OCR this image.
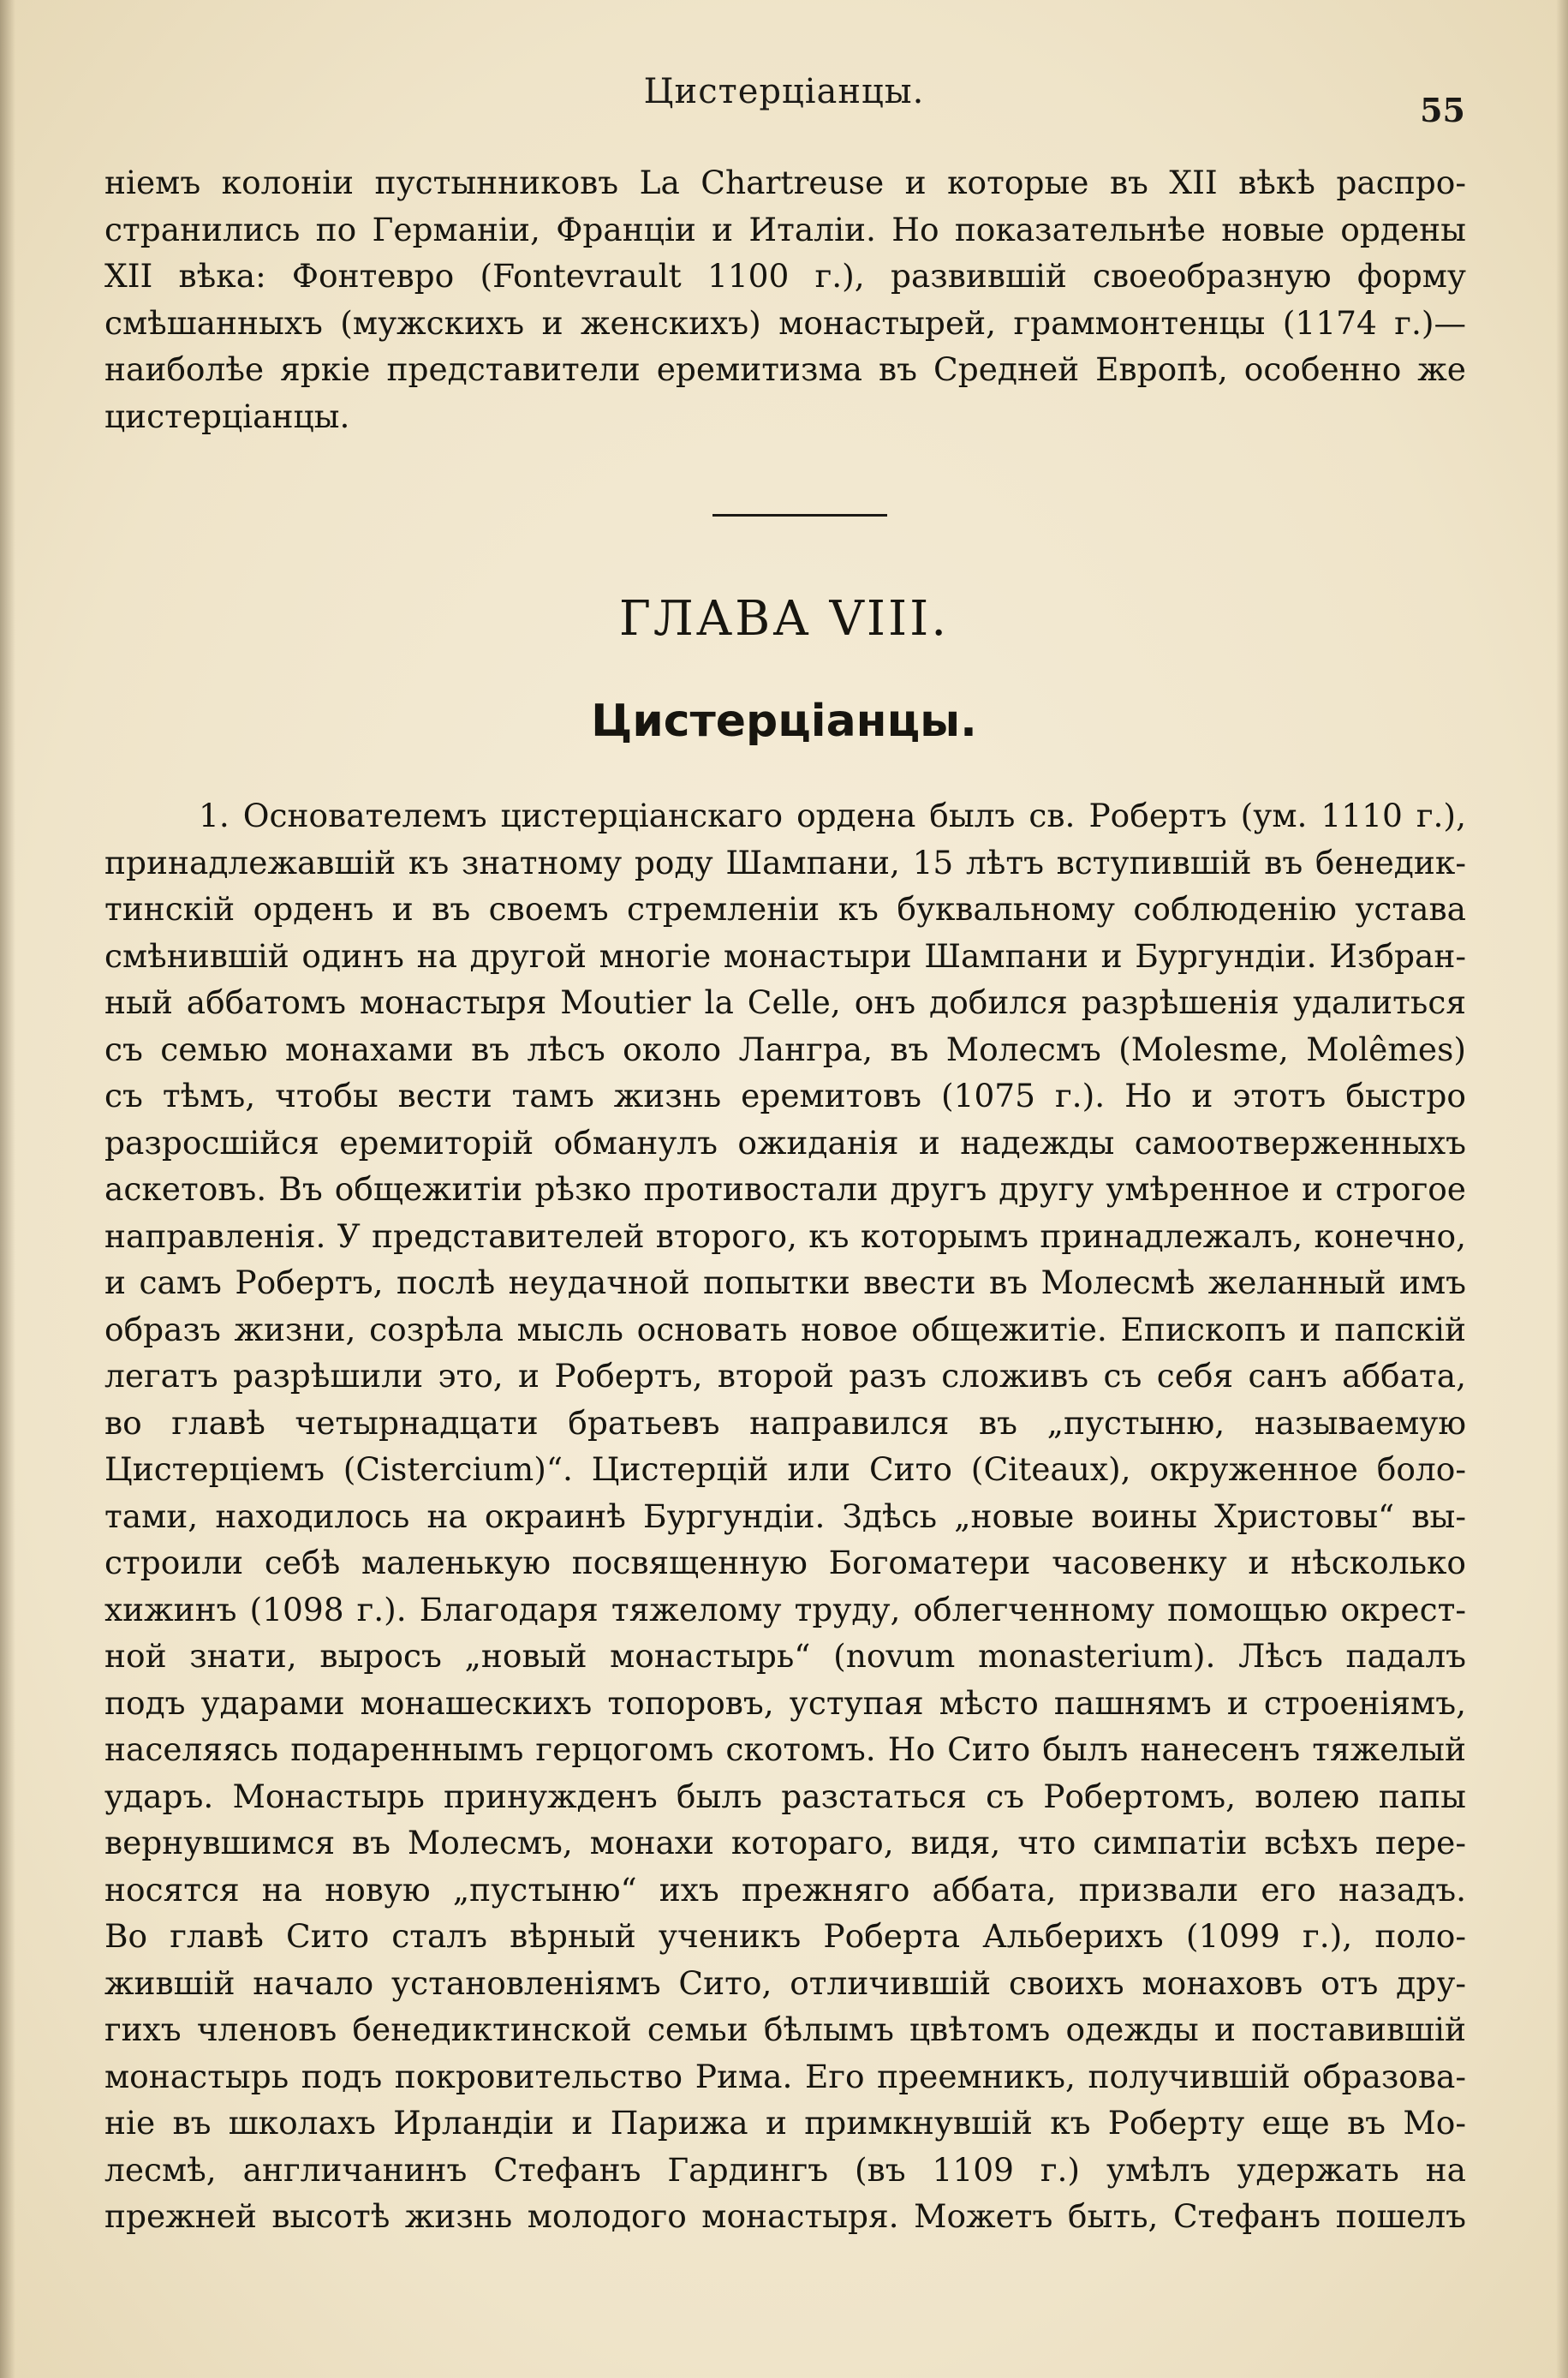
Цистерціанцы.	55
ніемъ колоніи пустынниковъ La Chartreuse и которые въ XII вѣкѣ распро-
странились по Германіи, Франціи и Италіи. Но показательнѣе новые ордены
XII вѣка: Фонтевро (Fontevrault 1100 г.), развившій своеобразную форму
смѣшанныхъ (мужскихъ и женскихъ) монастырей, граммонтенцы (1174 г.)—
наиболѣе яркіе представители еремитизма въ Средней Европѣ, особенно же
цистерціанцы.
ГЛАВА VIII.
Цистерціанцы.
1. Основателемъ цистерціанскаго ордена былъ св. Робертъ (ум. 1110 г.),
принадлежавшій къ знатному роду Шампани, 15 лѣтъ вступившій въ бенедик-
тинскій орденъ и въ своемъ стремленіи къ буквальному соблюденію устава
смѣнившій одинъ на другой многіе монастыри Шампани и Бургундіи. Избран-
ный аббатомъ монастыря Moutier la Celle, онъ добился разрѣшенія удалиться
съ семью монахами въ лѣсъ около Лангра, въ Молесмъ (Molesme, Molêmes)
съ тѣмъ, чтобы вести тамъ жизнь еремитовъ (1075 г.). Но и этотъ быстро
разросшійся еремиторій обманулъ ожиданія и надежды самоотверженныхъ
аскетовъ. Въ общежитіи рѣзко противостали другъ другу умѣренное и строгое
направленія. У представителей второго, къ которымъ принадлежалъ, конечно,
и самъ Робертъ, послѣ неудачной попытки ввести въ Молесмѣ желанный имъ
образъ жизни, созрѣла мысль основать новое общежитіе. Епископъ и папскій
легатъ разрѣшили это, и Робертъ, второй разъ сложивъ съ себя санъ аббата,
во главѣ четырнадцати братьевъ направился въ „пустыню, называемую
Цистерціемъ (Cistercium)“. Цистерцій или Сито (Citeaux), окруженное боло-
тами, находилось на окраинѣ Бургундіи. Здѣсь „новые воины Христовы“ вы-
строили себѣ маленькую посвященную Богоматери часовенку и нѣсколько
хижинъ (1098 г.). Благодаря тяжелому труду, облегченному помощью окрест-
ной знати, выросъ „новый монастырь“ (novum monasterium). Лѣсъ падалъ
подъ ударами монашескихъ топоровъ, уступая мѣсто пашнямъ и строеніямъ,
населяясь подареннымъ герцогомъ скотомъ. Но Сито былъ нанесенъ тяжелый
ударъ. Монастырь принужденъ былъ разстаться съ Робертомъ, волею папы
вернувшимся въ Молесмъ, монахи котораго, видя, что симпатіи всѣхъ пере-
носятся на новую „пустыню“ ихъ прежняго аббата, призвали его назадъ.
Во главѣ Сито сталъ вѣрный ученикъ Роберта Альберихъ (1099 г.), поло-
жившій начало установленіямъ Сито, отличившій своихъ монаховъ отъ дру-
гихъ членовъ бенедиктинской семьи бѣлымъ цвѣтомъ одежды и поставившій
монастырь подъ покровительство Рима. Его преемникъ, получившій образова-
ніе въ школахъ Ирландіи и Парижа и примкнувшій къ Роберту еще въ Мо-
лесмѣ, англичанинъ Стефанъ Гардингъ (въ 1109 г.) умѣлъ удержать на
прежней высотѣ жизнь молодого монастыря. Можетъ быть, Стефанъ пошелъ
